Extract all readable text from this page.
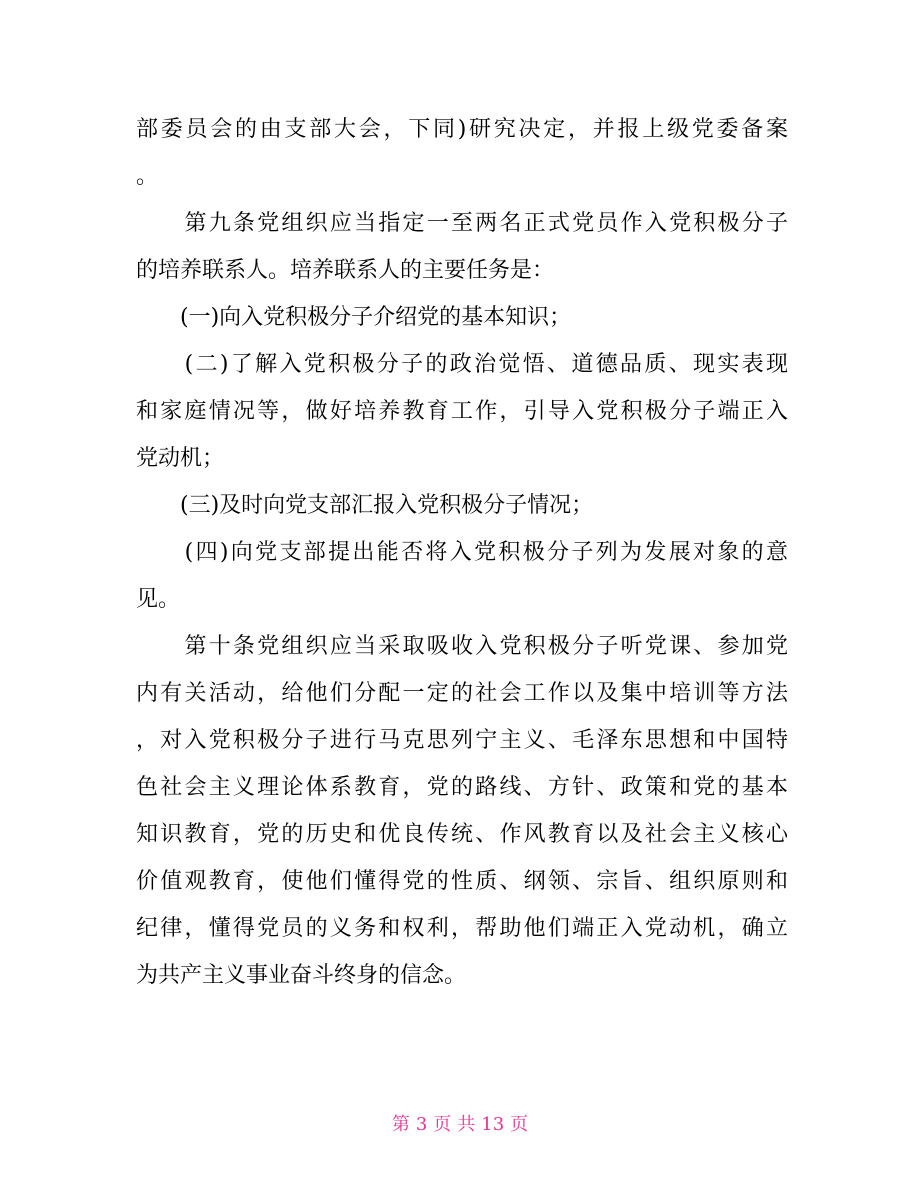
部委员会的由支部大会，下同)研究决定，并报上级党委备案
。
　　第九条党组织应当指定一至两名正式党员作入党积极分子
的培养联系人。培养联系人的主要任务是：
　　(一)向入党积极分子介绍党的基本知识；
　　(二)了解入党积极分子的政治觉悟、道德品质、现实表现
和家庭情况等，做好培养教育工作，引导入党积极分子端正入
党动机；
　　(三)及时向党支部汇报入党积极分子情况；
　　(四)向党支部提出能否将入党积极分子列为发展对象的意
见。
　　第十条党组织应当采取吸收入党积极分子听党课、参加党
内有关活动，给他们分配一定的社会工作以及集中培训等方法
，对入党积极分子进行马克思列宁主义、毛泽东思想和中国特
色社会主义理论体系教育，党的路线、方针、政策和党的基本
知识教育，党的历史和优良传统、作风教育以及社会主义核心
价值观教育，使他们懂得党的性质、纲领、宗旨、组织原则和
纪律，懂得党员的义务和权利，帮助他们端正入党动机，确立
为共产主义事业奋斗终身的信念。
第 3 页 共 13 页
